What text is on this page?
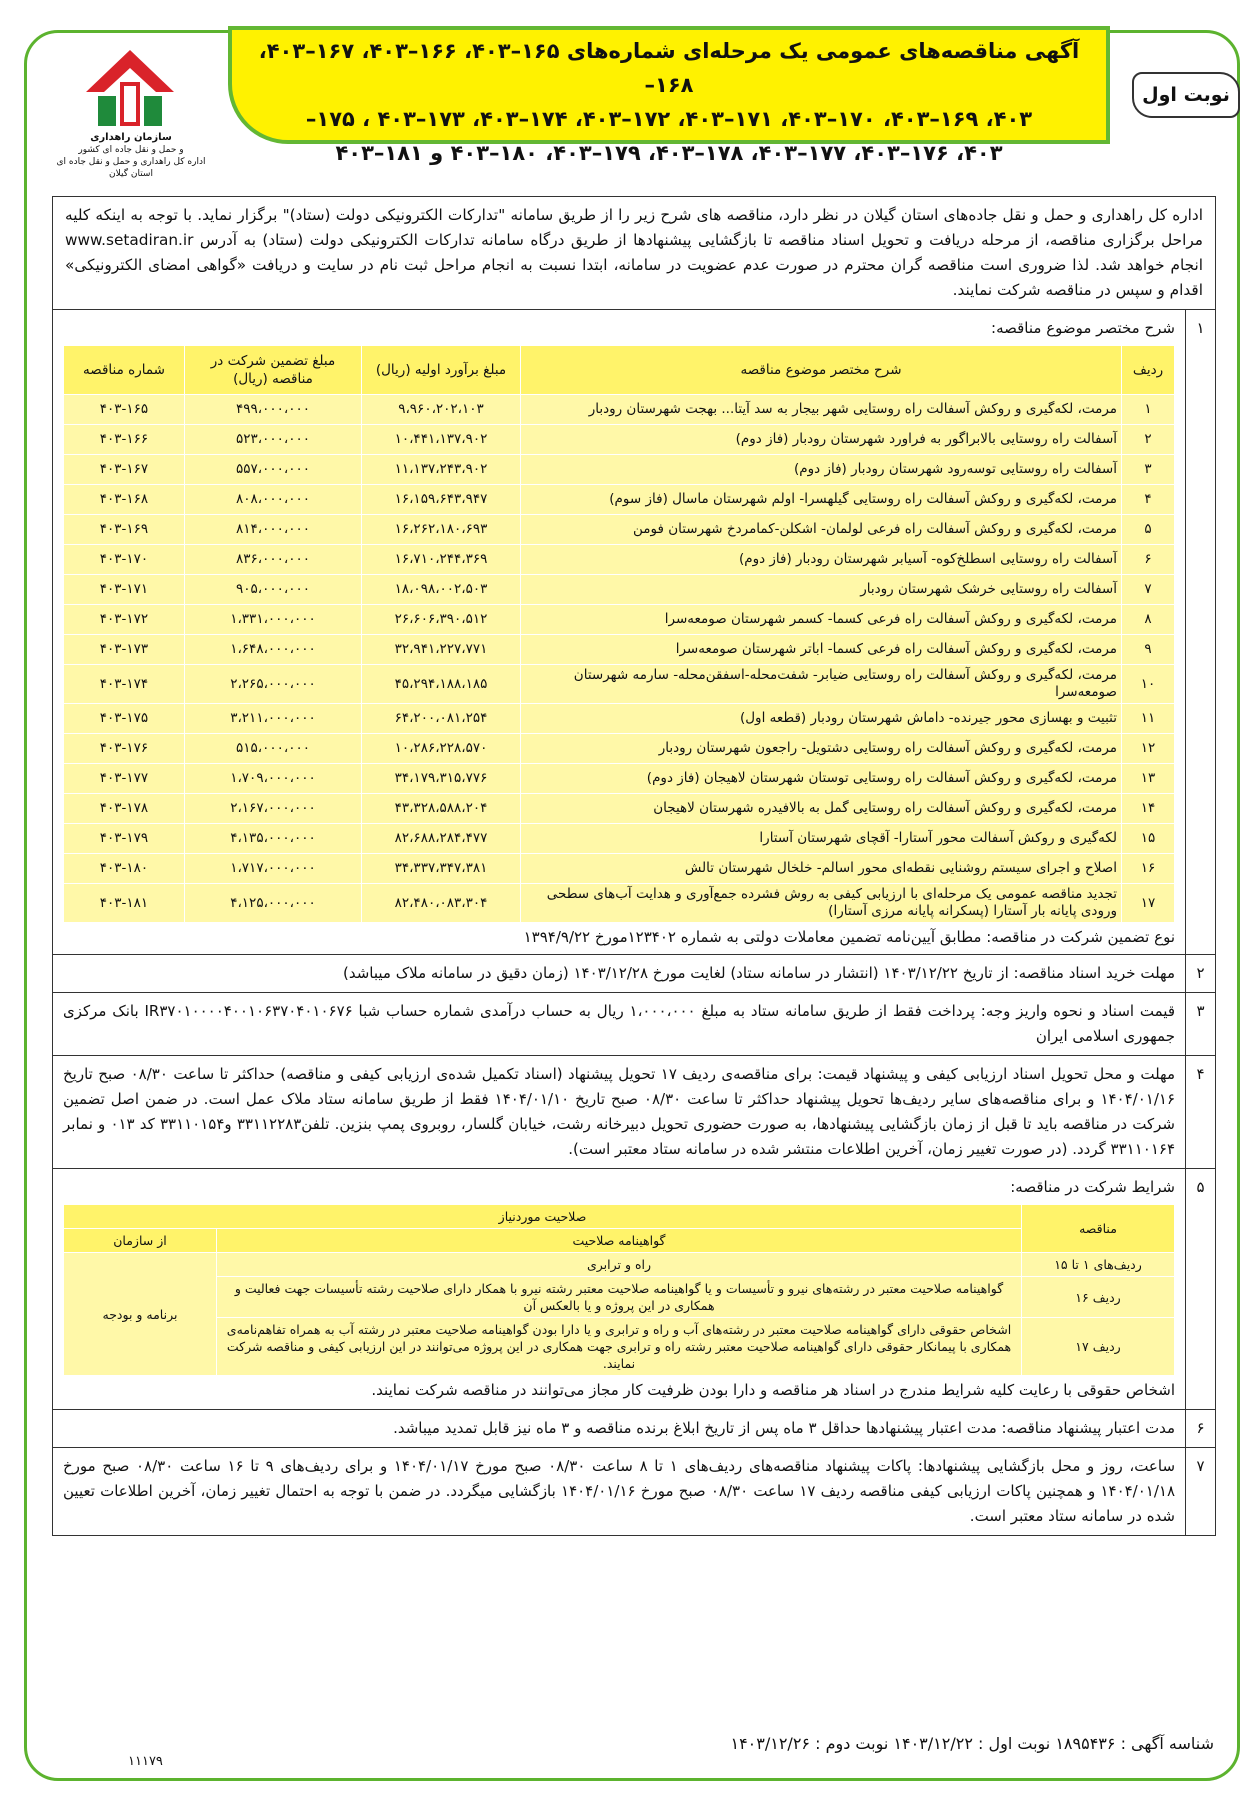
آگهی مناقصه‌های عمومی یک مرحله‌ای شماره‌های ۱۶۵–۴۰۳، ۱۶۶–۴۰۳، ۱۶۷–۴۰۳، ۱۶۸–
۴۰۳، ۱۶۹–۴۰۳، ۱۷۰–۴۰۳، ۱۷۱–۴۰۳، ۱۷۲–۴۰۳، ۱۷۴–۴۰۳، ۱۷۳–۴۰۳ ، ۱۷۵–
۴۰۳، ۱۷۶–۴۰۳، ۱۷۷–۴۰۳، ۱۷۸–۴۰۳، ۱۷۹–۴۰۳، ۱۸۰–۴۰۳ و ۱۸۱–۴۰۳
نوبت اول
سازمان راهداری
و حمل و نقل جاده ای کشور
اداره کل راهداری و حمل و نقل جاده ای
استان گیلان
اداره کل راهداری و حمل و نقل جاده‌های استان گیلان در نظر دارد، مناقصه های شرح زیر را از طریق سامانه "تدارکات الکترونیکی دولت (ستاد)" برگزار نماید. با توجه به اینکه کلیه مراحل برگزاری مناقصه، از مرحله دریافت و تحویل اسناد مناقصه تا بازگشایی پیشنهادها از طریق درگاه سامانه تدارکات الکترونیکی دولت (ستاد) به آدرس www.setadiran.ir انجام خواهد شد. لذا ضروری است مناقصه گران محترم در صورت عدم عضویت در سامانه، ابتدا نسبت به انجام مراحل ثبت نام در سایت و دریافت «گواهی امضای الکترونیکی» اقدام و سپس در مناقصه شرکت نمایند.
۱
شرح مختصر موضوع مناقصه:
ردیف	شرح مختصر موضوع مناقصه	مبلغ برآورد اولیه (ریال)	مبلغ تضمین شرکت در مناقصه (ریال)	شماره مناقصه
۱	مرمت، لکه‌گیری و روکش آسفالت راه روستایی شهر بیجار به سد آیتا... بهجت شهرستان رودبار	۹،۹۶۰،۲۰۲،۱۰۳	۴۹۹،۰۰۰،۰۰۰	۴۰۳-۱۶۵
۲	آسفالت راه روستایی بالابراگور به فراورد شهرستان رودبار (فاز دوم)	۱۰،۴۴۱،۱۳۷،۹۰۲	۵۲۳،۰۰۰،۰۰۰	۴۰۳-۱۶۶
۳	آسفالت راه روستایی توسه‌رود شهرستان رودبار (فاز دوم)	۱۱،۱۳۷،۲۴۳،۹۰۲	۵۵۷،۰۰۰،۰۰۰	۴۰۳-۱۶۷
۴	مرمت، لکه‌گیری و روکش آسفالت راه روستایی گیلهسرا- اولم شهرستان ماسال (فاز سوم)	۱۶،۱۵۹،۶۴۳،۹۴۷	۸۰۸،۰۰۰،۰۰۰	۴۰۳-۱۶۸
۵	مرمت، لکه‌گیری و روکش آسفالت راه فرعی لولمان- اشکلن-کمامردخ شهرستان فومن	۱۶،۲۶۲،۱۸۰،۶۹۳	۸۱۴،۰۰۰،۰۰۰	۴۰۳-۱۶۹
۶	آسفالت راه روستایی اسطلخ‌کوه- آسیابر شهرستان رودبار (فاز دوم)	۱۶،۷۱۰،۲۴۴،۳۶۹	۸۳۶،۰۰۰،۰۰۰	۴۰۳-۱۷۰
۷	آسفالت راه روستایی خرشک شهرستان رودبار	۱۸،۰۹۸،۰۰۲،۵۰۳	۹۰۵،۰۰۰،۰۰۰	۴۰۳-۱۷۱
۸	مرمت، لکه‌گیری و روکش آسفالت راه فرعی کسما- کسمر شهرستان صومعه‌سرا	۲۶،۶۰۶،۳۹۰،۵۱۲	۱،۳۳۱،۰۰۰،۰۰۰	۴۰۳-۱۷۲
۹	مرمت، لکه‌گیری و روکش آسفالت راه فرعی کسما- اباتر شهرستان صومعه‌سرا	۳۲،۹۴۱،۲۲۷،۷۷۱	۱،۶۴۸،۰۰۰،۰۰۰	۴۰۳-۱۷۳
۱۰	مرمت، لکه‌گیری و روکش آسفالت راه روستایی ضیابر- شفت‌محله-اسفقن‌محله- سارمه شهرستان صومعه‌سرا	۴۵،۲۹۴،۱۸۸،۱۸۵	۲،۲۶۵،۰۰۰،۰۰۰	۴۰۳-۱۷۴
۱۱	تثبیت و بهسازی محور جیرنده- داماش شهرستان رودبار (قطعه اول)	۶۴،۲۰۰،۰۸۱،۲۵۴	۳،۲۱۱،۰۰۰،۰۰۰	۴۰۳-۱۷۵
۱۲	مرمت، لکه‌گیری و روکش آسفالت راه روستایی دشتویل- راجعون شهرستان رودبار	۱۰،۲۸۶،۲۲۸،۵۷۰	۵۱۵،۰۰۰،۰۰۰	۴۰۳-۱۷۶
۱۳	مرمت، لکه‌گیری و روکش آسفالت راه روستایی توستان شهرستان لاهیجان (فاز دوم)	۳۴،۱۷۹،۳۱۵،۷۷۶	۱،۷۰۹،۰۰۰،۰۰۰	۴۰۳-۱۷۷
۱۴	مرمت، لکه‌گیری و روکش آسفالت راه روستایی گمل به بالافیدره شهرستان لاهیجان	۴۳،۳۲۸،۵۸۸،۲۰۴	۲،۱۶۷،۰۰۰،۰۰۰	۴۰۳-۱۷۸
۱۵	لکه‌گیری و روکش آسفالت محور آستارا- آقچای شهرستان آستارا	۸۲،۶۸۸،۲۸۴،۴۷۷	۴،۱۳۵،۰۰۰،۰۰۰	۴۰۳-۱۷۹
۱۶	اصلاح و اجرای سیستم روشنایی نقطه‌ای محور اسالم- خلخال شهرستان تالش	۳۴،۳۳۷،۳۴۷،۳۸۱	۱،۷۱۷،۰۰۰،۰۰۰	۴۰۳-۱۸۰
۱۷	تجدید مناقصه عمومی یک مرحله‌ای با ارزیابی کیفی به روش فشرده جمع‌آوری و هدایت آب‌های سطحی ورودی پایانه بار آستارا (پسکرانه پایانه مرزی آستارا)	۸۲،۴۸۰،۰۸۳،۳۰۴	۴،۱۲۵،۰۰۰،۰۰۰	۴۰۳-۱۸۱
نوع تضمین شرکت در مناقصه: مطابق آیین‌نامه تضمین معاملات دولتی به شماره ۱۲۳۴۰۲مورخ ۱۳۹۴/۹/۲۲
۲
مهلت خرید اسناد مناقصه: از تاریخ ۱۴۰۳/۱۲/۲۲ (انتشار در سامانه ستاد) لغایت مورخ ۱۴۰۳/۱۲/۲۸ (زمان دقیق در سامانه ملاک میباشد)
۳
قیمت اسناد و نحوه واریز وجه: پرداخت فقط از طریق سامانه ستاد به مبلغ ۱،۰۰۰،۰۰۰ ریال به حساب درآمدی شماره حساب شبا IR۳۷۰۱۰۰۰۰۴۰۰۱۰۶۳۷۰۴۰۱۰۶۷۶ بانک مرکزی جمهوری اسلامی ایران
۴
مهلت و محل تحویل اسناد ارزیابی کیفی و پیشنهاد قیمت: برای مناقصه‌ی ردیف ۱۷ تحویل پیشنهاد (اسناد تکمیل شده‌ی ارزیابی کیفی و مناقصه) حداکثر تا ساعت ۰۸/۳۰ صبح تاریخ ۱۴۰۴/۰۱/۱۶ و برای مناقصه‌های سایر ردیف‌ها تحویل پیشنهاد حداکثر تا ساعت ۰۸/۳۰ صبح تاریخ ۱۴۰۴/۰۱/۱۰ فقط از طریق سامانه ستاد ملاک عمل است. در ضمن اصل تضمین شرکت در مناقصه باید تا قبل از زمان بازگشایی پیشنهادها، به صورت حضوری تحویل دبیرخانه رشت، خیابان گلسار، روبروی پمپ بنزین. تلفن۳۳۱۱۲۲۸۳ و۳۳۱۱۰۱۵۴ کد ۰۱۳ و نمابر ۳۳۱۱۰۱۶۴ گردد. (در صورت تغییر زمان، آخرین اطلاعات منتشر شده در سامانه ستاد معتبر است).
۵
شرایط شرکت در مناقصه:
مناقصه	صلاحیت موردنیاز	
	گواهینامه صلاحیت	از سازمان
ردیف‌های ۱ تا ۱۵	راه و ترابری	برنامه و بودجه
ردیف ۱۶	گواهینامه صلاحیت معتبر در رشته‌های نیرو و تأسیسات و یا گواهینامه صلاحیت معتبر رشته نیرو با همکار دارای صلاحیت رشته تأسیسات جهت فعالیت و همکاری در این پروژه و یا بالعکس آن	
ردیف ۱۷	اشخاص حقوقی دارای گواهینامه صلاحیت معتبر در رشته‌های آب و راه و ترابری و یا دارا بودن گواهینامه صلاحیت معتبر در رشته آب به همراه تفاهم‌نامه‌ی همکاری با پیمانکار حقوقی دارای گواهینامه صلاحیت معتبر رشته راه و ترابری جهت همکاری در این پروژه می‌توانند در این ارزیابی کیفی و مناقصه شرکت نمایند.	
اشخاص حقوقی با رعایت کلیه شرایط مندرج در اسناد هر مناقصه و دارا بودن ظرفیت کار مجاز می‌توانند در مناقصه شرکت نمایند.
۶
مدت اعتبار پیشنهاد مناقصه: مدت اعتبار پیشنهادها حداقل ۳ ماه پس از تاریخ ابلاغ برنده مناقصه و ۳ ماه نیز قابل تمدید میباشد.
۷
ساعت، روز و محل بازگشایی پیشنهادها: پاکات پیشنهاد مناقصه‌های ردیف‌های ۱ تا ۸ ساعت ۰۸/۳۰ صبح مورخ ۱۴۰۴/۰۱/۱۷ و برای ردیف‌های ۹ تا ۱۶ ساعت ۰۸/۳۰ صبح مورخ ۱۴۰۴/۰۱/۱۸ و همچنین پاکات ارزیابی کیفی مناقصه ردیف ۱۷ ساعت ۰۸/۳۰ صبح مورخ ۱۴۰۴/۰۱/۱۶ بازگشایی میگردد. در ضمن با توجه به احتمال تغییر زمان، آخرین اطلاعات تعیین شده در سامانه ستاد معتبر است.
شناسه آگهی : ۱۸۹۵۴۳۶ نوبت اول : ۱۴۰۳/۱۲/۲۲ نوبت دوم : ۱۴۰۳/۱۲/۲۶
۱۱۱۷۹
